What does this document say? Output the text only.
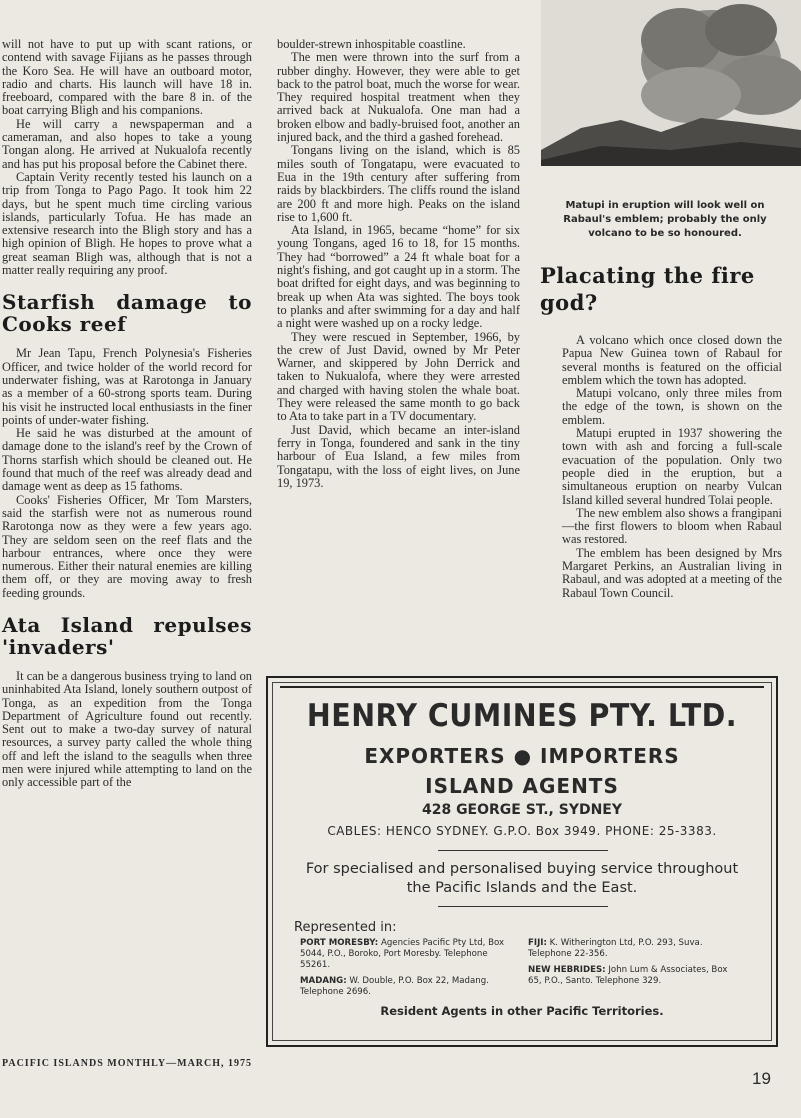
will not have to put up with scant rations, or contend with savage Fijians as he passes through the Koro Sea. He will have an outboard motor, radio and charts. His launch will have 18 in. freeboard, compared with the bare 8 in. of the boat carrying Bligh and his companions.

He will carry a newspaperman and a cameraman, and also hopes to take a young Tongan along. He arrived at Nukualofa recently and has put his proposal before the Cabinet there.

Captain Verity recently tested his launch on a trip from Tonga to Pago Pago. It took him 22 days, but he spent much time circling various islands, particularly Tofua. He has made an extensive research into the Bligh story and has a high opinion of Bligh. He hopes to prove what a great seaman Bligh was, although that is not a matter really requiring any proof.

Starfish damage to Cooks reef

Mr Jean Tapu, French Polynesia's Fisheries Officer, and twice holder of the world record for underwater fishing, was at Rarotonga in January as a member of a 60-strong sports team. During his visit he instructed local enthusiasts in the finer points of under-water fishing.

He said he was disturbed at the amount of damage done to the island's reef by the Crown of Thorns starfish which should be cleaned out. He found that much of the reef was already dead and damage went as deep as 15 fathoms.

Cooks' Fisheries Officer, Mr Tom Marsters, said the starfish were not as numerous round Rarotonga now as they were a few years ago. They are seldom seen on the reef flats and the harbour entrances, where once they were numerous. Either their natural enemies are killing them off, or they are moving away to fresh feeding grounds.

Ata Island repulses 'invaders'

It can be a dangerous business trying to land on uninhabited Ata Island, lonely southern outpost of Tonga, as an expedition from the Tonga Department of Agriculture found out recently. Sent out to make a two-day survey of natural resources, a survey party called the whole thing off and left the island to the seagulls when three men were injured while attempting to land on the only accessible part of the

boulder-strewn inhospitable coastline.

The men were thrown into the surf from a rubber dinghy. However, they were able to get back to the patrol boat, much the worse for wear. They required hospital treatment when they arrived back at Nukualofa. One man had a broken elbow and badly-bruised foot, another an injured back, and the third a gashed forehead.

Tongans living on the island, which is 85 miles south of Tongatapu, were evacuated to Eua in the 19th century after suffering from raids by blackbirders. The cliffs round the island are 200 ft and more high. Peaks on the island rise to 1,600 ft.

Ata Island, in 1965, became “home” for six young Tongans, aged 16 to 18, for 15 months. They had “borrowed” a 24 ft whale boat for a night's fishing, and got caught up in a storm. The boat drifted for eight days, and was beginning to break up when Ata was sighted. The boys took to planks and after swimming for a day and half a night were washed up on a rocky ledge.

They were rescued in September, 1966, by the crew of Just David, owned by Mr Peter Warner, and skippered by John Derrick and taken to Nukualofa, where they were arrested and charged with having stolen the whale boat. They were released the same month to go back to Ata to take part in a TV documentary.

Just David, which became an inter-island ferry in Tonga, foundered and sank in the tiny harbour of Eua Island, a few miles from Tongatapu, with the loss of eight lives, on June 19, 1973.

Matupi in eruption will look well on Rabaul's emblem; probably the only volcano to be so honoured.
Placating the fire god?

A volcano which once closed down the Papua New Guinea town of Rabaul for several months is featured on the official emblem which the town has adopted.

Matupi volcano, only three miles from the edge of the town, is shown on the emblem.

Matupi erupted in 1937 showering the town with ash and forcing a full-scale evacuation of the population. Only two people died in the eruption, but a simultaneous eruption on nearby Vulcan Island killed several hundred Tolai people.

The new emblem also shows a frangipani—the first flowers to bloom when Rabaul was restored.

The emblem has been designed by Mrs Margaret Perkins, an Australian living in Rabaul, and was adopted at a meeting of the Rabaul Town Council.

HENRY CUMINES PTY. LTD.
EXPORTERS ● IMPORTERS
ISLAND AGENTS
428 GEORGE ST., SYDNEY
CABLES: HENCO SYDNEY. G.P.O. Box 3949. PHONE: 25-3383.
For specialised and personalised buying service throughout the Pacific Islands and the East.
Represented in:
PORT MORESBY: Agencies Pacific Pty Ltd, Box 5044, P.O., Boroko, Port Moresby. Telephone 55261.
MADANG: W. Double, P.O. Box 22, Madang. Telephone 2696.
FIJI: K. Witherington Ltd, P.O. 293, Suva. Telephone 22-356.
NEW HEBRIDES: John Lum & Associates, Box 65, P.O., Santo. Telephone 329.
Resident Agents in other Pacific Territories.
PACIFIC ISLANDS MONTHLY—MARCH, 1975
19
